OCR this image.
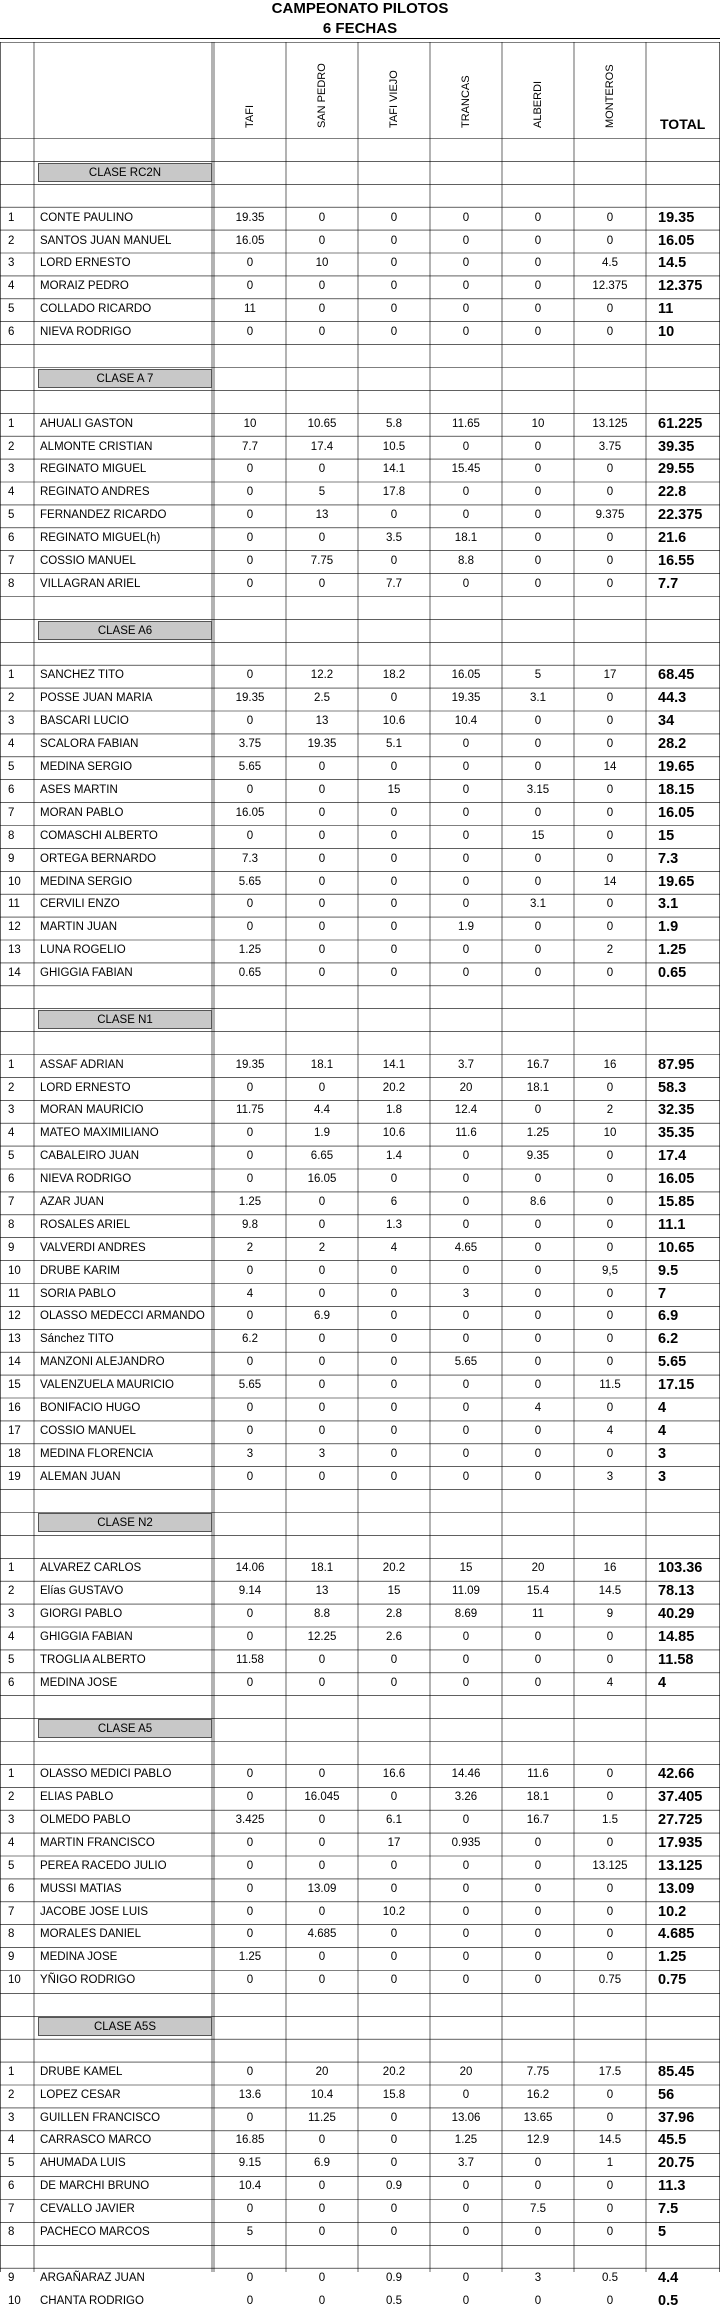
CAMPEONATO PILOTOS
6 FECHAS
TAFI	SAN PEDRO	TAFI VIEJO	TRANCAS	ALBERDI	MONTEROS	TOTAL
CLASE RC2N
1	CONTE PAULINO	19.35	0	0	0	0	0	19.35
2	SANTOS JUAN MANUEL	16.05	0	0	0	0	0	16.05
3	LORD ERNESTO	0	10	0	0	0	4.5	14.5
4	MORAIZ PEDRO	0	0	0	0	0	12.375	12.375
5	COLLADO RICARDO	11	0	0	0	0	0	11
6	NIEVA RODRIGO	0	0	0	0	0	0	10
CLASE A 7
1	AHUALI GASTON	10	10.65	5.8	11.65	10	13.125	61.225
2	ALMONTE CRISTIAN	7.7	17.4	10.5	0	0	3.75	39.35
3	REGINATO MIGUEL	0	0	14.1	15.45	0	0	29.55
4	REGINATO ANDRES	0	5	17.8	0	0	0	22.8
5	FERNANDEZ RICARDO	0	13	0	0	0	9.375	22.375
6	REGINATO MIGUEL(h)	0	0	3.5	18.1	0	0	21.6
7	COSSIO MANUEL	0	7.75	0	8.8	0	0	16.55
8	VILLAGRAN ARIEL	0	0	7.7	0	0	0	7.7
CLASE A6
1	SANCHEZ TITO	0	12.2	18.2	16.05	5	17	68.45
2	POSSE JUAN MARIA	19.35	2.5	0	19.35	3.1	0	44.3
3	BASCARI LUCIO	0	13	10.6	10.4	0	0	34
4	SCALORA FABIAN	3.75	19.35	5.1	0	0	0	28.2
5	MEDINA SERGIO	5.65	0	0	0	0	14	19.65
6	ASES MARTIN	0	0	15	0	3.15	0	18.15
7	MORAN PABLO	16.05	0	0	0	0	0	16.05
8	COMASCHI ALBERTO	0	0	0	0	15	0	15
9	ORTEGA BERNARDO	7.3	0	0	0	0	0	7.3
10	MEDINA SERGIO	5.65	0	0	0	0	14	19.65
11	CERVILI ENZO	0	0	0	0	3.1	0	3.1
12	MARTIN JUAN	0	0	0	1.9	0	0	1.9
13	LUNA ROGELIO	1.25	0	0	0	0	2	1.25
14	GHIGGIA FABIAN	0.65	0	0	0	0	0	0.65
CLASE N1
1	ASSAF ADRIAN	19.35	18.1	14.1	3.7	16.7	16	87.95
2	LORD ERNESTO	0	0	20.2	20	18.1	0	58.3
3	MORAN MAURICIO	11.75	4.4	1.8	12.4	0	2	32.35
4	MATEO MAXIMILIANO	0	1.9	10.6	11.6	1.25	10	35.35
5	CABALEIRO JUAN	0	6.65	1.4	0	9.35	0	17.4
6	NIEVA RODRIGO	0	16.05	0	0	0	0	16.05
7	AZAR JUAN	1.25	0	6	0	8.6	0	15.85
8	ROSALES ARIEL	9.8	0	1.3	0	0	0	11.1
9	VALVERDI ANDRES	2	2	4	4.65	0	0	10.65
10	DRUBE KARIM	0	0	0	0	0	9,5	9.5
11	SORIA PABLO	4	0	0	3	0	0	7
12	OLASSO MEDECCI ARMANDO	0	6.9	0	0	0	0	6.9
13	Sánchez TITO	6.2	0	0	0	0	0	6.2
14	MANZONI ALEJANDRO	0	0	0	5.65	0	0	5.65
15	VALENZUELA MAURICIO	5.65	0	0	0	0	11.5	17.15
16	BONIFACIO HUGO	0	0	0	0	4	0	4
17	COSSIO MANUEL	0	0	0	0	0	4	4
18	MEDINA FLORENCIA	3	3	0	0	0	0	3
19	ALEMAN JUAN	0	0	0	0	0	3	3
CLASE N2
1	ALVAREZ CARLOS	14.06	18.1	20.2	15	20	16	103.36
2	Elías GUSTAVO	9.14	13	15	11.09	15.4	14.5	78.13
3	GIORGI PABLO	0	8.8	2.8	8.69	11	9	40.29
4	GHIGGIA FABIAN	0	12.25	2.6	0	0	0	14.85
5	TROGLIA ALBERTO	11.58	0	0	0	0	0	11.58
6	MEDINA JOSE	0	0	0	0	0	4	4
CLASE A5
1	OLASSO MEDICI PABLO	0	0	16.6	14.46	11.6	0	42.66
2	ELIAS PABLO	0	16.045	0	3.26	18.1	0	37.405
3	OLMEDO PABLO	3.425	0	6.1	0	16.7	1.5	27.725
4	MARTIN FRANCISCO	0	0	17	0.935	0	0	17.935
5	PEREA RACEDO JULIO	0	0	0	0	0	13.125	13.125
6	MUSSI MATIAS	0	13.09	0	0	0	0	13.09
7	JACOBE JOSE LUIS	0	0	10.2	0	0	0	10.2
8	MORALES DANIEL	0	4.685	0	0	0	0	4.685
9	MEDINA JOSE	1.25	0	0	0	0	0	1.25
10	YÑIGO RODRIGO	0	0	0	0	0	0.75	0.75
CLASE A5S
1	DRUBE KAMEL	0	20	20.2	20	7.75	17.5	85.45
2	LOPEZ CESAR	13.6	10.4	15.8	0	16.2	0	56
3	GUILLEN FRANCISCO	0	11.25	0	13.06	13.65	0	37.96
4	CARRASCO MARCO	16.85	0	0	1.25	12.9	14.5	45.5
5	AHUMADA LUIS	9.15	6.9	0	3.7	0	1	20.75
6	DE MARCHI BRUNO	10.4	0	0.9	0	0	0	11.3
7	CEVALLO JAVIER	0	0	0	0	7.5	0	7.5
8	PACHECO MARCOS	5	0	0	0	0	0	5
9	ARGAÑARAZ JUAN	0	0	0.9	0	3	0.5	4.4
10	CHANTA RODRIGO	0	0	0.5	0	0	0	0.5
